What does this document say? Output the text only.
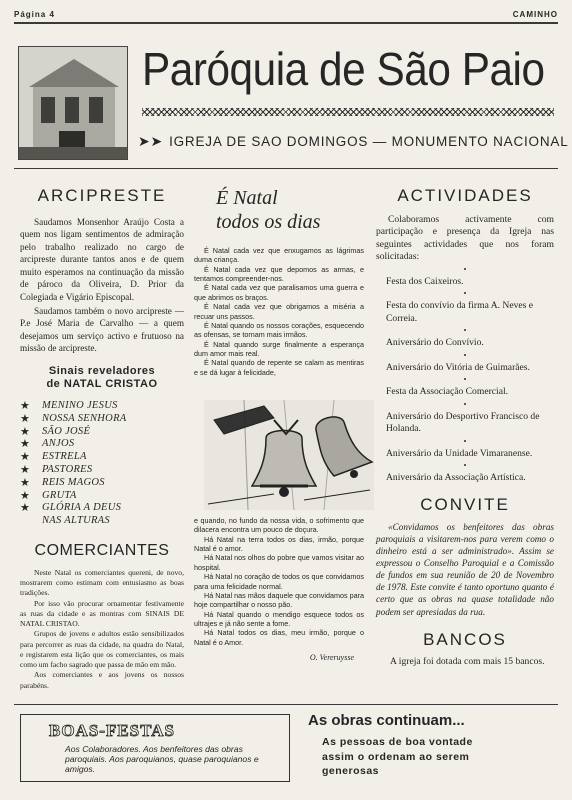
Página 4	CAMINHO
Paróquia de São Paio
➤➤ IGREJA DE SAO DOMINGOS — MONUMENTO NACIONAL
ARCIPRESTE
Saudamos Monsenhor Araújo Costa a quem nos ligam sentimentos de admiração pelo trabalho realizado no cargo de arcipreste durante tantos anos e de quem muito esperamos na continuação da missão de pároco da Oliveira, D. Prior da Colegiada e Vigário Episcopal.
Saudamos também o novo arcipreste — P.e José Maria de Carvalho — a quem desejamos um serviço activo e frutuoso na missão de arcipreste.
Sinais reveladores
de NATAL CRISTAO
★ MENINO JESUS
★ NOSSA SENHORA
★ SÃO JOSÉ
★ ANJOS
★ ESTRELA
★ PASTORES
★ REIS MAGOS
★ GRUTA
★ GLÓRIA A DEUS
NAS ALTURAS
COMERCIANTES
Neste Natal os comerciantes quereni, de novo, mostrarem como estimam com entusiasmo as boas tradições.
Por isso vão procurar ornamentar festivamente as ruas da cidade e as montras com SINAIS DE NATAL CRISTAO.
Grupos de jovens e adultos estão sensibilizados para percorrer as ruas da cidade, na quadra do Natal, e registarem esta lição que os comerciantes, os mais como um facho sagrado que passa de mão em mão.
Aos comerciantes e aos jovens os nossos parabéns.
É Natal
todos os dias

É Natal cada vez que enxugamos as lágrimas duma criança.

É Natal cada vez que depomos as armas, e tentamos compreender-nos.

É Natal cada vez que paralisamos uma guerra e que abrimos os braços.

É Natal cada vez que obrigamos a miséria a recuar uns passos.

É Natal quando os nossos corações, esquecendo as ofensas, se tornam mais irmãos.

É Natal quando surge finalmente a esperança dum amor mais real.

É Natal quando de repente se calam as mentiras e se dá lugar à felicidade,

e quando, no fundo da nossa vida, o sofrimento que dilacera encontra um pouco de doçura.

Há Natal na terra todos os dias, irmão, porque Natal é o amor.

Há Natal nos olhos do pobre que vamos visitar ao hospital.

Há Natal no coração de todos os que convidamos para uma felicidade normal.

Há Natal nas mãos daquele que convidamos para hoje compartilhar o nosso pão.

Há Natal quando o mendigo esquece todos os ultrajes e já não sente a fome.

Há Natal todos os dias, meu irmão, porque o Natal é o Amor.

O. Vereruysse
ACTIVIDADES
Colaboramos activamente com participação e presença da Igreja nas seguintes actividades que nos foram solicitadas:
•
Festa dos Caixeiros.
•
Festa do convívio da firma A. Neves e Correia.
•
Aniversário do Convívio.
•
Aniversário do Vitória de Guimarães.
•
Festa da Associação Comercial.
•
Aniversário do Desportivo Francisco de Holanda.
•
Aniversário da Unidade Vimaranense.
•
Aniversário da Associação Artística.
CONVITE
«Convidamos os benfeitores das obras paroquiais a visitarem-nos para verem como o dinheiro está a ser administrado». Assim se expressou o Conselho Paroquial e a Comissão de fundos em sua reunião de 20 de Novembro de 1978. Este convite é tanto oportuno quanto é certo que as obras na quase totalidade não podem ser apresiadas da rua.
BANCOS
A igreja foi dotada com mais 15 bancos.
BOAS-FESTAS
Aos Colaboradores. Aos benfeitores das obras paroquiais. Aos paroquianos, quase paroquianos e amigos.
As obras continuam...
As pessoas de boa vontade
assim o ordenam ao serem
generosas
